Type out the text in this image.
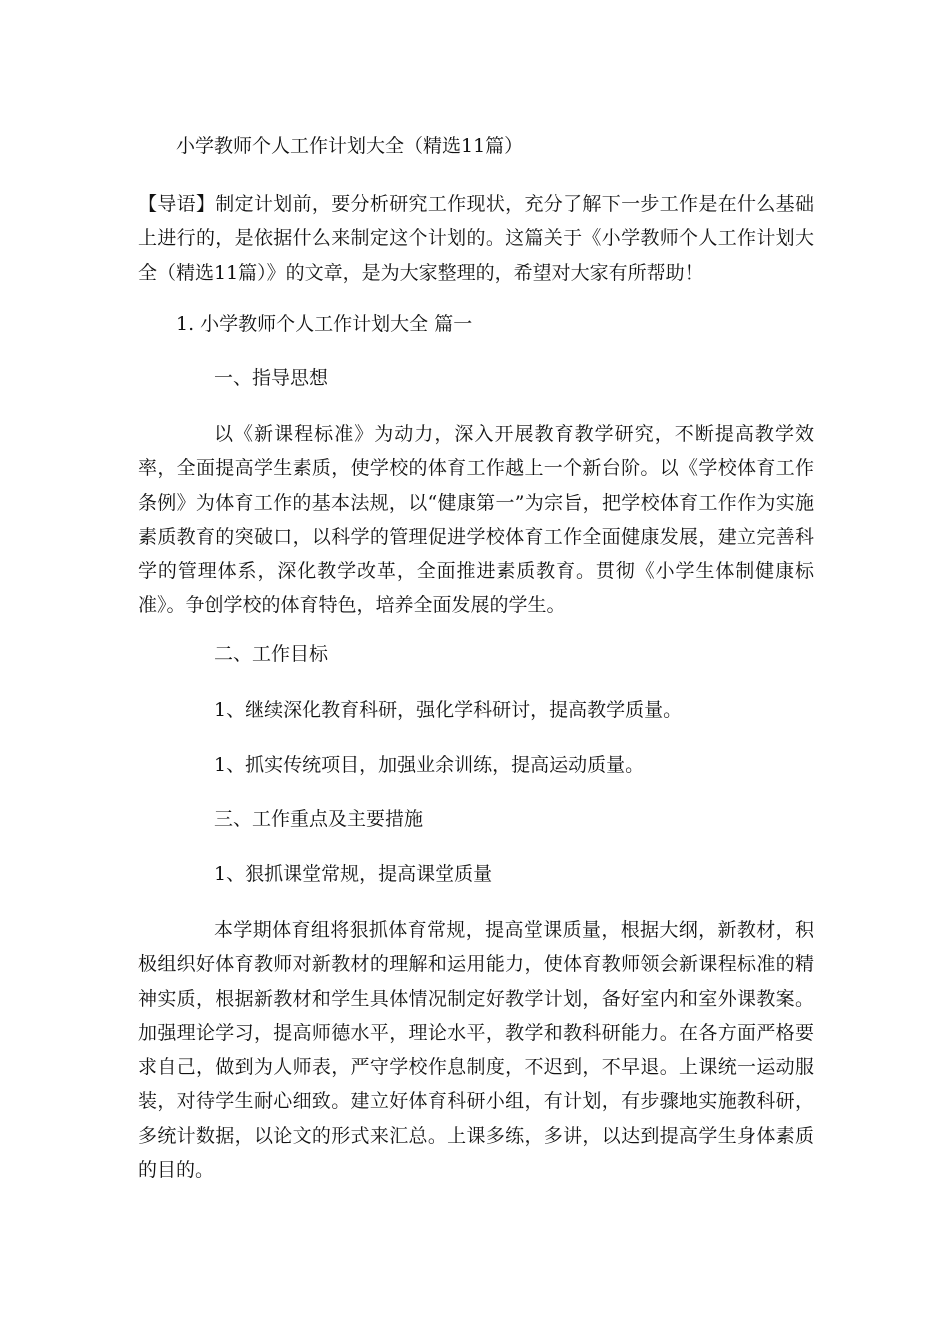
小学教师个人工作计划大全（精选11篇）
【导语】制定计划前，要分析研究工作现状，充分了解下一步工作是在什么基础上进行的，是依据什么来制定这个计划的。这篇关于《小学教师个人工作计划大全（精选11篇）》的文章，是为大家整理的，希望对大家有所帮助！
1. 小学教师个人工作计划大全 篇一
一、指导思想
以《新课程标准》为动力，深入开展教育教学研究，不断提高教学效率，全面提高学生素质，使学校的体育工作越上一个新台阶。以《学校体育工作条例》为体育工作的基本法规，以“健康第一”为宗旨，把学校体育工作作为实施素质教育的突破口，以科学的管理促进学校体育工作全面健康发展，建立完善科学的管理体系，深化教学改革，全面推进素质教育。贯彻《小学生体制健康标准》。争创学校的体育特色，培养全面发展的学生。
二、工作目标
1、继续深化教育科研，强化学科研讨，提高教学质量。
1、抓实传统项目，加强业余训练，提高运动质量。
三、工作重点及主要措施
1、狠抓课堂常规，提高课堂质量
本学期体育组将狠抓体育常规，提高堂课质量，根据大纲，新教材，积极组织好体育教师对新教材的理解和运用能力，使体育教师领会新课程标准的精神实质，根据新教材和学生具体情况制定好教学计划，备好室内和室外课教案。加强理论学习，提高师德水平，理论水平，教学和教科研能力。在各方面严格要求自己，做到为人师表，严守学校作息制度，不迟到，不早退。上课统一运动服装，对待学生耐心细致。建立好体育科研小组，有计划，有步骤地实施教科研，多统计数据，以论文的形式来汇总。上课多练，多讲，以达到提高学生身体素质的目的。
